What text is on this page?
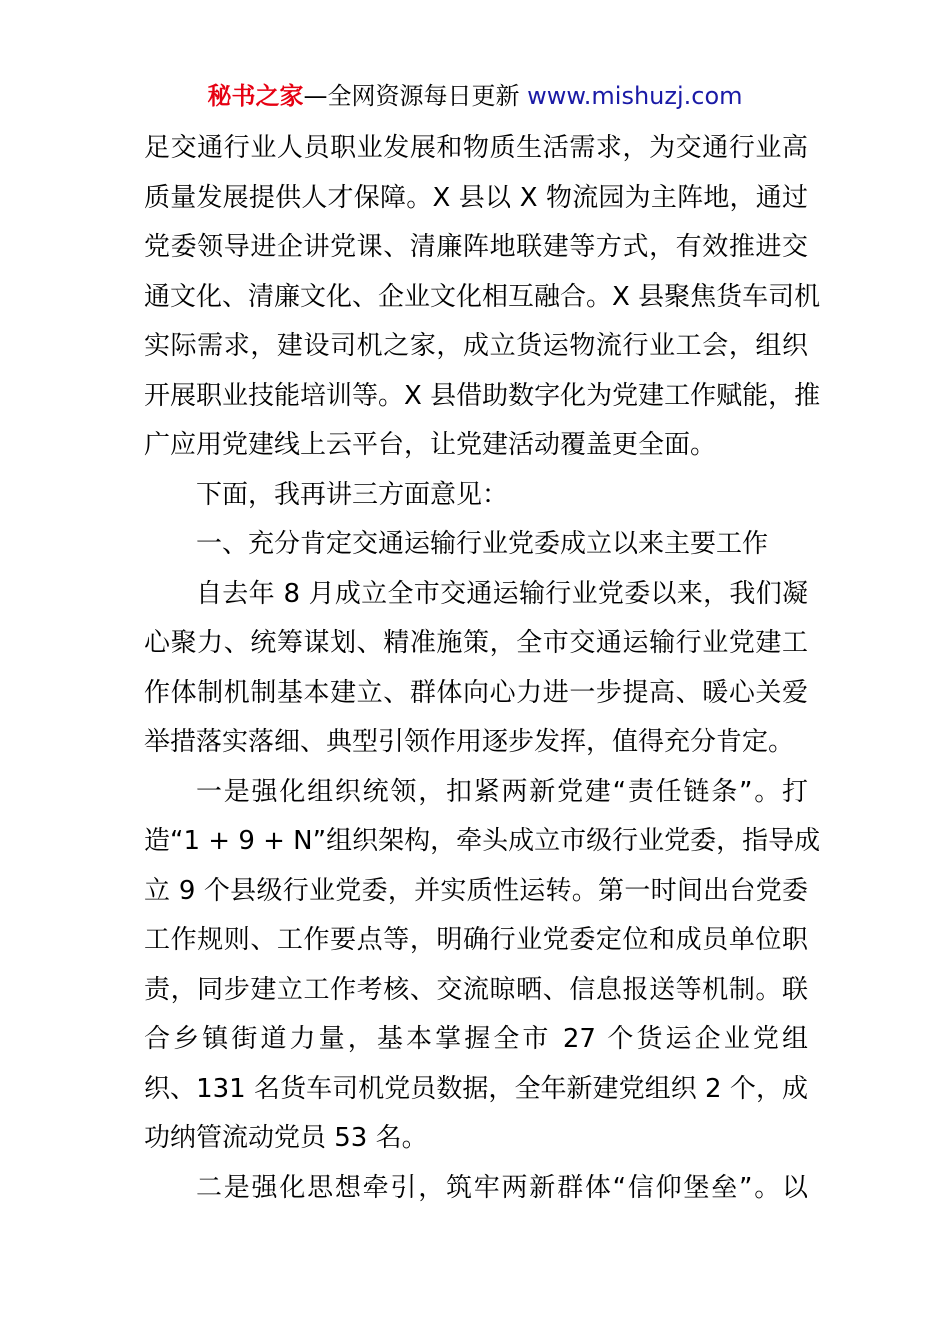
秘书之家—全网资源每日更新 www.mishuzj.com

足交通行业人员职业发展和物质生活需求，为交通行业高
质量发展提供人才保障。X 县以 X 物流园为主阵地，通过
党委领导进企讲党课、清廉阵地联建等方式，有效推进交
通文化、清廉文化、企业文化相互融合。X 县聚焦货车司机
实际需求，建设司机之家，成立货运物流行业工会，组织
开展职业技能培训等。X 县借助数字化为党建工作赋能，推
广应用党建线上云平台，让党建活动覆盖更全面。

下面，我再讲三方面意见：

一、充分肯定交通运输行业党委成立以来主要工作

自去年 8 月成立全市交通运输行业党委以来，我们凝
心聚力、统筹谋划、精准施策，全市交通运输行业党建工
作体制机制基本建立、群体向心力进一步提高、暖心关爱
举措落实落细、典型引领作用逐步发挥，值得充分肯定。

一是强化组织统领，扣紧两新党建“责任链条”。打
造“1 + 9 + N”组织架构，牵头成立市级行业党委，指导成
立 9 个县级行业党委，并实质性运转。第一时间出台党委
工作规则、工作要点等，明确行业党委定位和成员单位职
责，同步建立工作考核、交流晾晒、信息报送等机制。联
合乡镇街道力量，基本掌握全市 27 个货运企业党组
织、131 名货车司机党员数据，全年新建党组织 2 个，成
功纳管流动党员 53 名。

二是强化思想牵引，筑牢两新群体“信仰堡垒”。以
